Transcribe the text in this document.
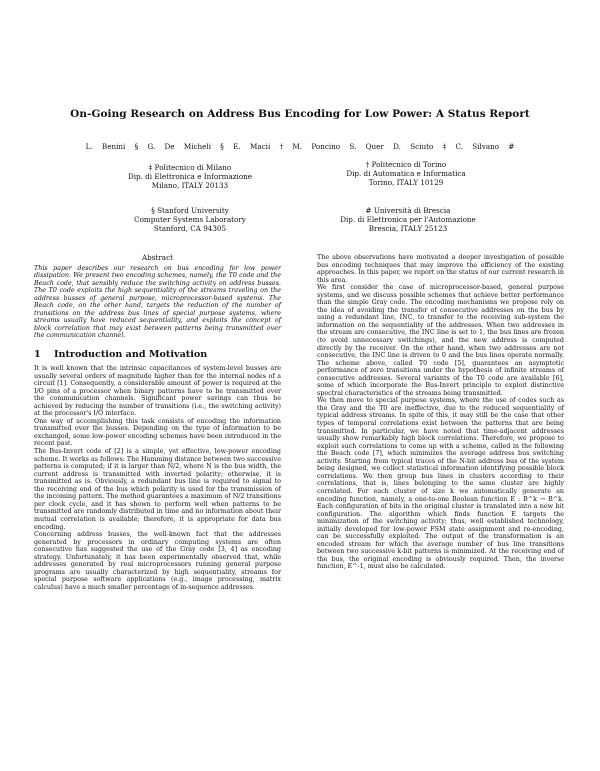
On-Going Research on Address Bus Encoding for Low Power: A Status Report
L. Benini § G. De Micheli § E. Macii † M. Poncino S. Quer D. Sciuto ‡ C. Silvano #
† Politecnico di Torino
Dip. di Automatica e Informatica
Torino, ITALY 10129
‡ Politecnico di Milano
Dip. di Elettronica e Informazione
Milano, ITALY 20133
§ Stanford University
Computer Systems Laboratory
Stanford, CA 94305
# Università di Brescia
Dip. di Elettronica per l'Automazione
Brescia, ITALY 25123
Abstract

This paper describes our research on bus encoding for low power dissipation. We present two encoding schemes, namely, the T0 code and the Beach code, that sensibly reduce the switching activity on address busses. The T0 code exploits the high sequentiality of the streams traveling on the address busses of general purpose, microprocessor-based systems. The Beach code, on the other hand, targets the reduction of the number of transitions on the address bus lines of special purpose systems, where streams usually have reduced sequentiality, and exploits the concept of block correlation that may exist between patterns being transmitted over the communication channel.

1 Introduction and Motivation

It is well known that the intrinsic capacitances of system-level busses are usually several orders of magnitude higher than for the internal nodes of a circuit [1]. Consequently, a considerable amount of power is required at the I/O pins of a processor when binary patterns have to be transmitted over the communication channels. Significant power savings can thus be achieved by reducing the number of transitions (i.e., the switching activity) at the processor's I/O interface.

One way of accomplishing this task consists of encoding the information transmitted over the busses. Depending on the type of information to be exchanged, some low-power encoding schemes have been introduced in the recent past.

The Bus-Invert code of [2] is a simple, yet effective, low-power encoding scheme. It works as follows: The Hamming distance between two successive patterns is computed; if it is larger than N/2, where N is the bus width, the current address is transmitted with inverted polarity; otherwise, it is transmitted as is. Obviously, a redundant bus line is required to signal to the receiving end of the bus which polarity is used for the transmission of the incoming pattern. The method guarantees a maximum of N/2 transitions per clock cycle, and it has shown to perform well when patterns to be transmitted are randomly distributed in time and no information about their mutual correlation is available; therefore, it is appropriate for data bus encoding.

Concerning address busses, the well-known fact that the addresses generated by processors in ordinary computing systems are often consecutive has suggested the use of the Gray code [3, 4] as encoding strategy. Unfortunately, it has been experimentally observed that, while addresses generated by real microprocessors running general purpose programs are usually characterized by high sequentiality, streams for special purpose software applications (e.g., image processing, matrix calculus) have a much smaller percentage of in-sequence addresses.

The above observations have motivated a deeper investigation of possible bus encoding techniques that may improve the efficiency of the existing approaches. In this paper, we report on the status of our current research in this area.

We first consider the case of microprocessor-based, general purpose systems, and we discuss possible schemes that achieve better performance than the simple Gray code. The encoding mechanisms we propose rely on the idea of avoiding the transfer of consecutive addresses on the bus by using a redundant line, INC, to transfer to the receiving sub-system the information on the sequentiality of the addresses. When two addresses in the stream are consecutive, the INC line is set to 1, the bus lines are frozen (to avoid unnecessary switchings), and the new address is computed directly by the receiver. On the other hand, when two addresses are not consecutive, the INC line is driven to 0 and the bus lines operate normally. The scheme above, called T0 code [5], guarantees an asymptotic performance of zero transitions under the hypothesis of infinite streams of consecutive addresses. Several variants of the T0 code are available [6], some of which incorporate the Bus-Invert principle to exploit distinctive spectral characteristics of the streams being transmitted.

We then move to special purpose systems, where the use of codes such as the Gray and the T0 are ineffective, due to the reduced sequentiality of typical address streams. In spite of this, it may still be the case that other types of temporal correlations exist between the patterns that are being transmitted. In particular, we have noted that time-adjacent addresses usually show remarkably high block correlations. Therefore, we propose to exploit such correlations to come up with a scheme, called in the following the Beach code [7], which minimizes the average address bus switching activity. Starting from typical traces of the N-bit address bus of the system being designed, we collect statistical information identifying possible block correlations. We then group bus lines in clusters according to their correlations, that is, lines belonging to the same cluster are highly correlated. For each cluster of size k we automatically generate an encoding function, namely, a one-to-one Boolean function E : B^k → B^k. Each configuration of bits in the original cluster is translated into a new bit configuration. The algorithm which finds function E targets the minimization of the switching activity; thus, well established technology, initially developed for low-power FSM state assignment and re-encoding, can be successfully exploited. The output of the transformation is an encoded stream for which the average number of bus line transitions between two successive k-bit patterns is minimized. At the receiving end of the bus, the original encoding is obviously required. Then, the inverse function, E^-1, must also be calculated.
